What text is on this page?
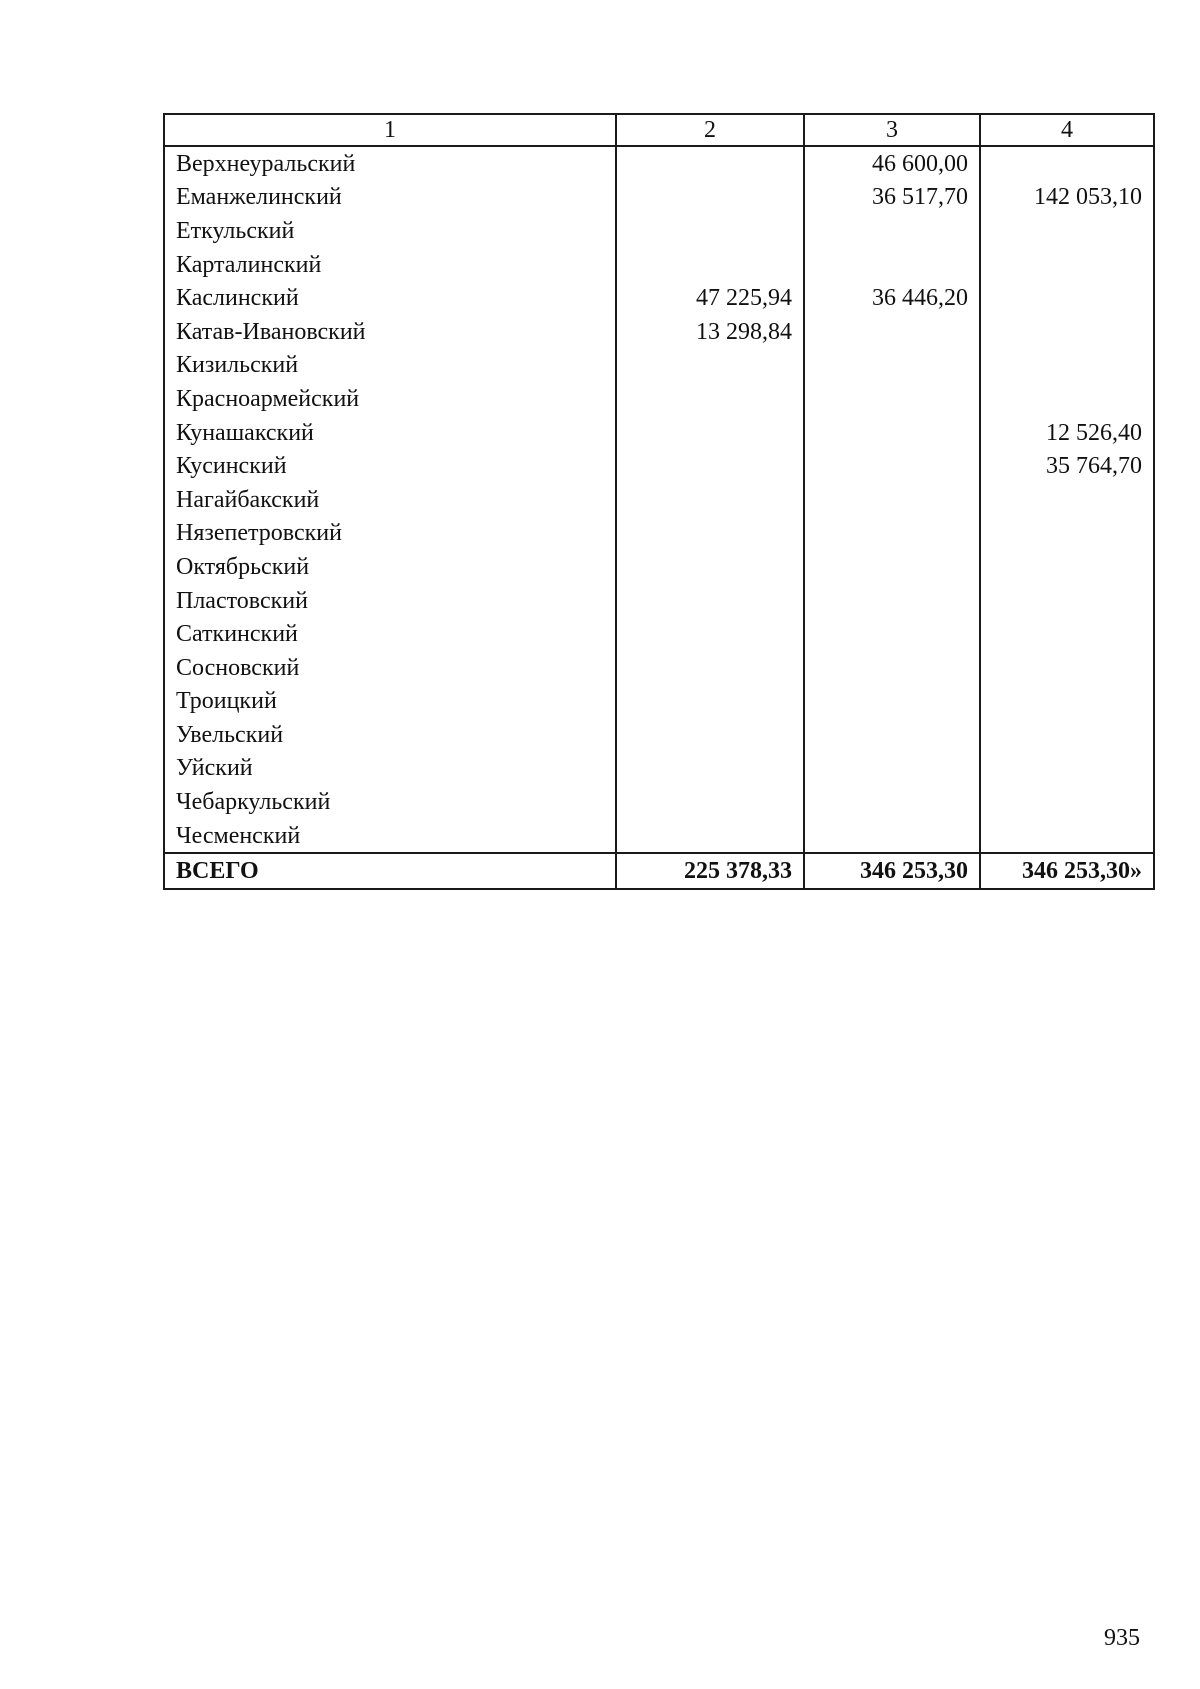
1	2	3	4
Верхнеуральский		46 600,00	
Еманжелинский		36 517,70	142 053,10
Еткульский			
Карталинский			
Каслинский	47 225,94	36 446,20	
Катав-Ивановский	13 298,84		
Кизильский			
Красноармейский			
Кунашакский			12 526,40
Кусинский			35 764,70
Нагайбакский			
Нязепетровский			
Октябрьский			
Пластовский			
Саткинский			
Сосновский			
Троицкий			
Увельский			
Уйский			
Чебаркульский			
Чесменский			
ВСЕГО	225 378,33	346 253,30	346 253,30»
935
